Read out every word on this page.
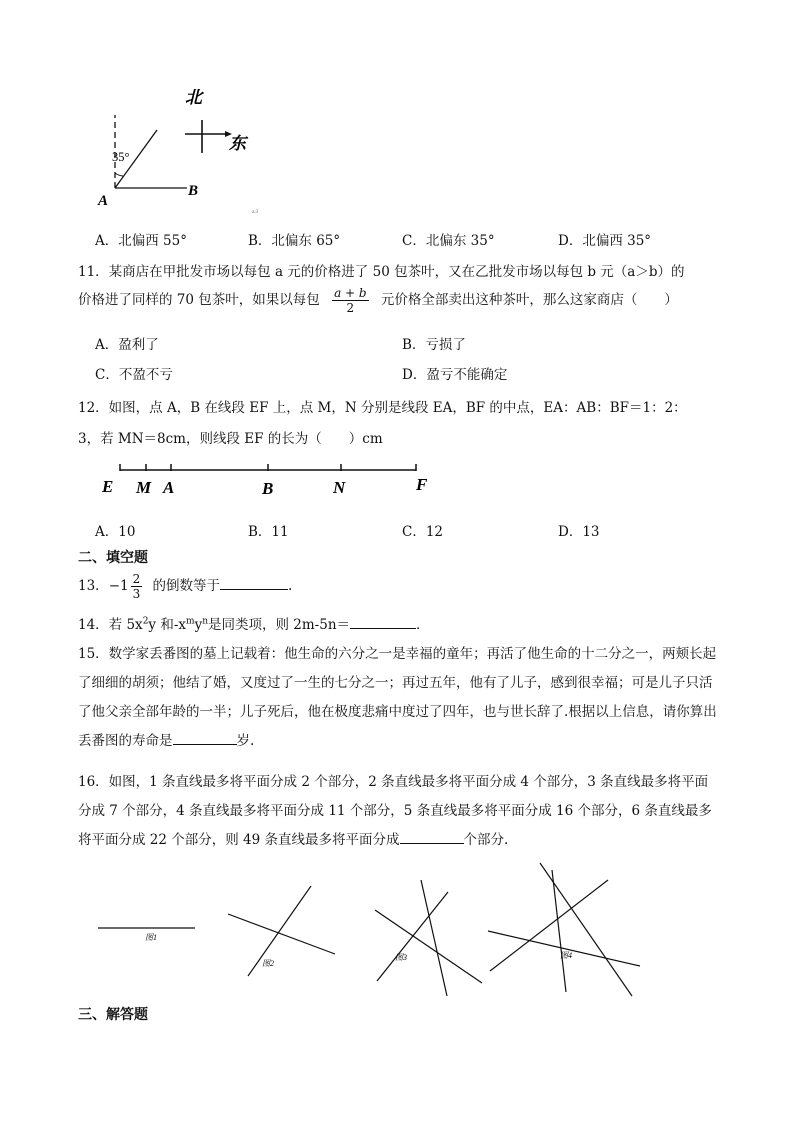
北
东
35°
A
B
z.3
A．北偏西 55°	B．北偏东 65°	C．北偏东 35°	D．北偏西 35°
11．某商店在甲批发市场以每包 a 元的价格进了 50 包茶叶，又在乙批发市场以每包 b 元（a＞b）的
价格进了同样的 70 包茶叶，如果以每包 $\frac{a + b}{2}$ 元价格全部卖出这种茶叶，那么这家商店（　　）
A．盈利了	B．亏损了
C．不盈不亏	D．盈亏不能确定
12．如图，点 A，B 在线段 EF 上，点 M，N 分别是线段 EA，BF 的中点，EA：AB：BF＝1：2：
3，若 MN＝8cm，则线段 EF 的长为（　　）cm
E M A	B	N	F
A．10	B．11	C．12	D．13
二、填空题
13．$-1 \frac{2}{3}$ 的倒数等于	.
14．若 $5x^2y$ 和$-x^my^n$是同类项，则 2m-5n＝	．
15．数学家丢番图的墓上记载着：他生命的六分之一是幸福的童年；再活了他生命的十二分之一，两颊长起了细细的胡须；他结了婚，又度过了一生的七分之一；再过五年，他有了儿子，感到很幸福；可是儿子只活了他父亲全部年龄的一半；儿子死后，他在极度悲痛中度过了四年，也与世长辞了.根据以上信息，请你算出丢番图的寿命是	岁.
16．如图，1 条直线最多将平面分成 2 个部分，2 条直线最多将平面分成 4 个部分，3 条直线最多将平面分成 7 个部分，4 条直线最多将平面分成 11 个部分，5 条直线最多将平面分成 16 个部分，6 条直线最多将平面分成 22 个部分，则 49 条直线最多将平面分成	个部分.
图1
图2
图3	图4
三、解答题
